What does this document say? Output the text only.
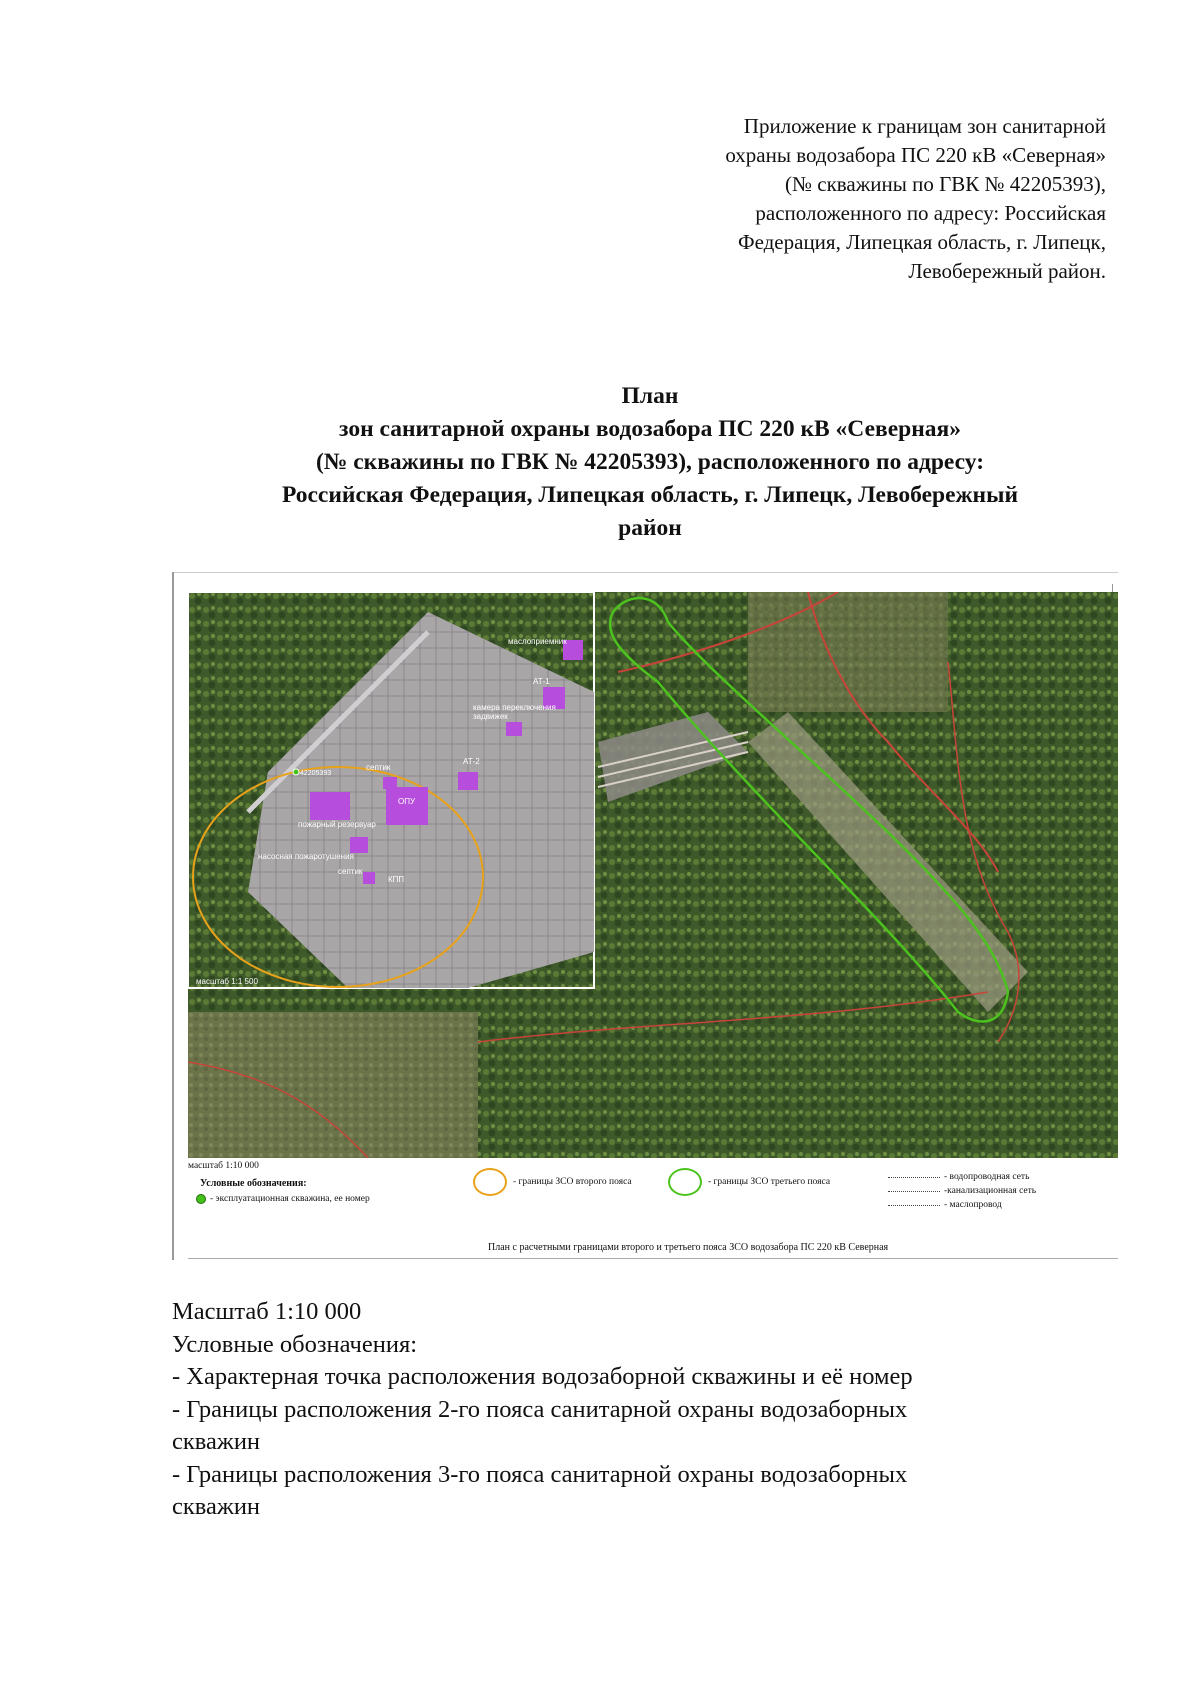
Приложение к границам зон санитарной
охраны водозабора ПС 220 кВ «Северная»
(№ скважины по ГВК № 42205393),
расположенного по адресу: Российская
Федерация, Липецкая область, г. Липецк,
Левобережный район.
План
зон санитарной охраны водозабора ПС 220 кВ «Северная»
(№ скважины по ГВК № 42205393), расположенного по адресу:
Российская Федерация, Липецкая область, г. Липецк, Левобережный
район
маслоприемник
АТ-1
камера переключения
задвижек
АТ-2
септик
42205393
ОПУ
пожарный резервуар
насосная пожаротушения
септик
КПП
масштаб 1:1 500
масштаб 1:10 000
Условные обозначения:
- эксплуатационная скважина, ее номер
- границы ЗСО второго пояса	- границы ЗСО третьего пояса	- водопроводная сеть
-канализационная сеть
- маслопровод
План с расчетными границами второго и третьего пояса ЗСО водозабора ПС 220 кВ Северная
Масштаб 1:10 000
Условные обозначения:
- Характерная точка расположения водозаборной скважины и её номер
- Границы расположения 2-го пояса санитарной охраны водозаборных
скважин
- Границы расположения 3-го пояса санитарной охраны водозаборных
скважин
